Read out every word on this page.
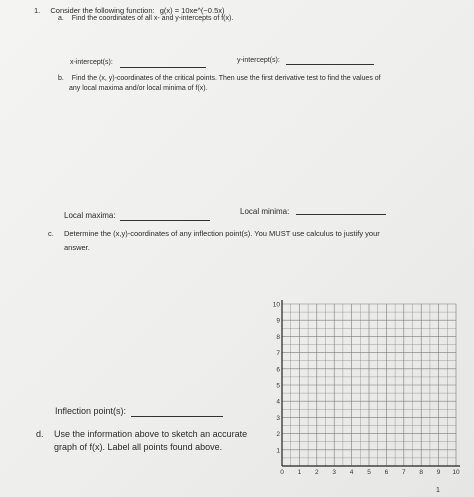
1. Consider the following function: g(x) = 10xe^(−0.5x)
a. Find the coordinates of all x- and y-intercepts of f(x).
x-intercept(s):	y-intercept(s):
b. Find the (x, y)-coordinates of the critical points. Then use the first derivative test to find the values of
any local maxima and/or local minima of f(x).
Local maxima:	Local minima:
c. Determine the (x,y)-coordinates of any inflection point(s). You MUST use calculus to justify your
answer.
Inflection point(s):
d. Use the information above to sketch an accurate
graph of f(x). Label all points found above.
0 1 2 3 4 5 6 7 8 9 10
1
2
3
4
5
6
7
8
9
10
1
